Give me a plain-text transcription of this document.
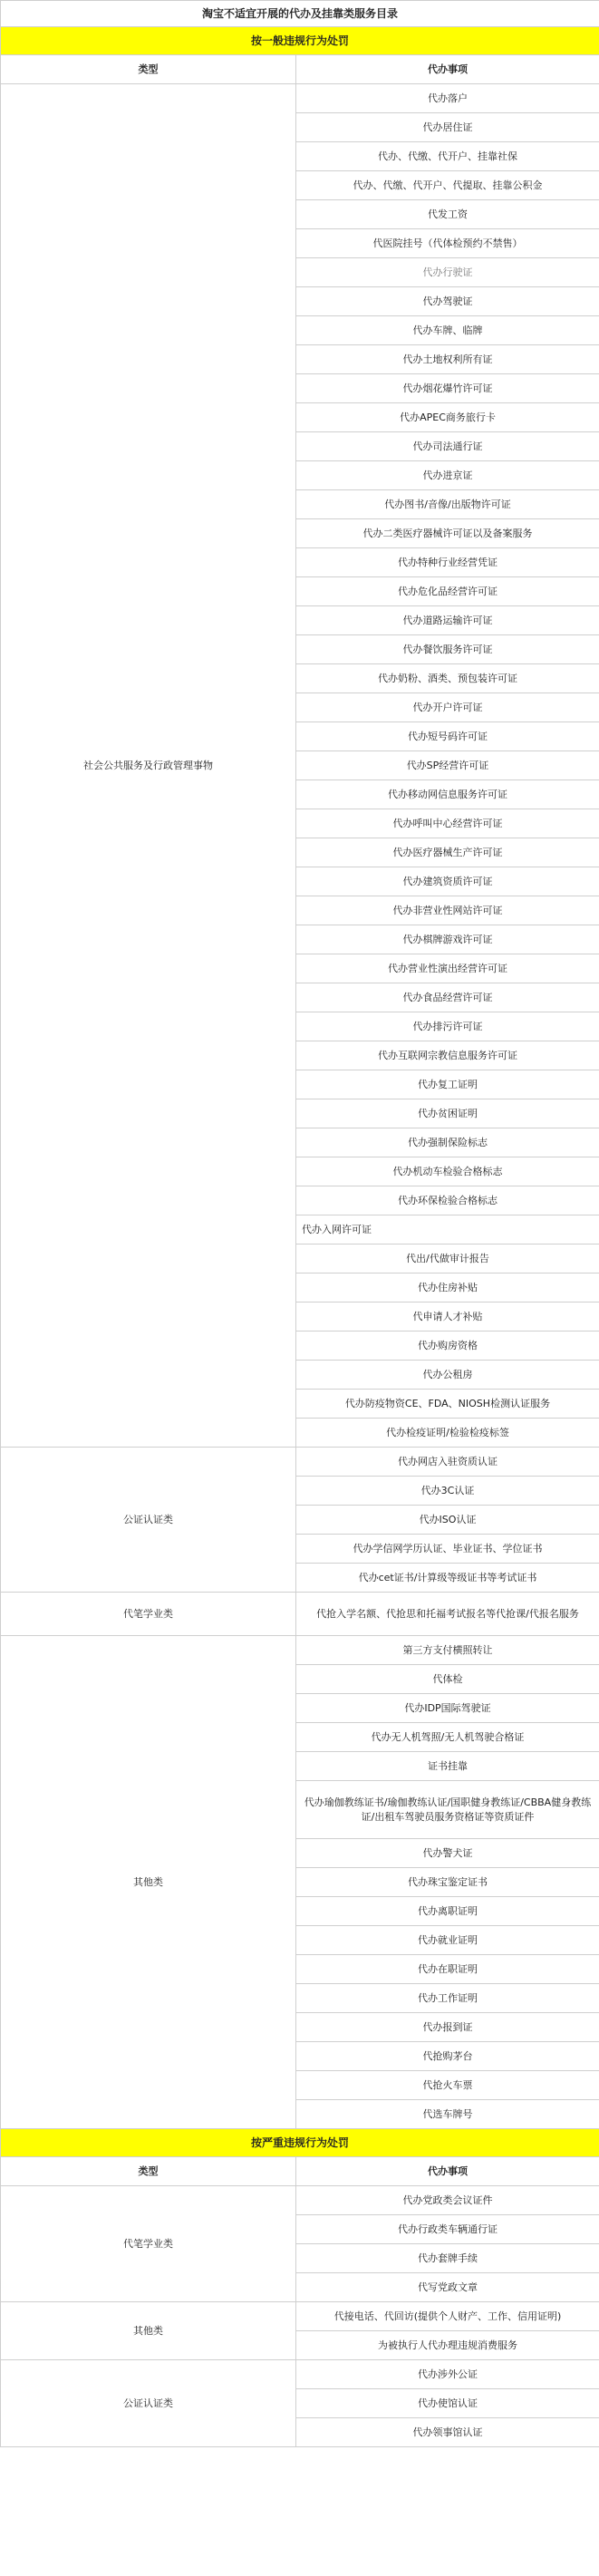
淘宝不适宜开展的代办及挂靠类服务目录	
按一般违规行为处罚	
类型	代办事项
社会公共服务及行政管理事物	代办落户
	代办居住证
	代办、代缴、代开户、挂靠社保
	代办、代缴、代开户、代提取、挂靠公积金
	代发工资
	代医院挂号（代体检预约不禁售）
	代办行驶证
	代办驾驶证
	代办车牌、临牌
	代办土地权利所有证
	代办烟花爆竹许可证
	代办APEC商务旅行卡
	代办司法通行证
	代办进京证
	代办图书/音像/出版物许可证
	代办二类医疗器械许可证以及备案服务
	代办特种行业经营凭证
	代办危化品经营许可证
	代办道路运输许可证
	代办餐饮服务许可证
	代办奶粉、酒类、预包装许可证
	代办开户许可证
	代办短号码许可证
	代办SP经营许可证
	代办移动网信息服务许可证
	代办呼叫中心经营许可证
	代办医疗器械生产许可证
	代办建筑资质许可证
	代办非营业性网站许可证
	代办棋牌游戏许可证
	代办营业性演出经营许可证
	代办食品经营许可证
	代办排污许可证
	代办互联网宗教信息服务许可证
	代办复工证明
	代办贫困证明
	代办强制保险标志
	代办机动车检验合格标志
	代办环保检验合格标志
	代办入网许可证
	代出/代做审计报告
	代办住房补贴
	代申请人才补贴
	代办购房资格
	代办公租房
	代办防疫物资CE、FDA、NIOSH检测认证服务
	代办检疫证明/检验检疫标签
公证认证类	代办网店入驻资质认证
	代办3C认证
	代办ISO认证
	代办学信网学历认证、毕业证书、学位证书
	代办cet证书/计算级等级证书等考试证书
代笔学业类	代抢入学名额、代抢思和托福考试报名等代抢课/代报名服务
其他类	第三方支付横照转让
	代体检
	代办IDP国际驾驶证
	代办无人机驾照/无人机驾驶合格证
	证书挂靠
	代办瑜伽教练证书/瑜伽教练认证/国职健身教练证/CBBA健身教练证/出租车驾驶员服务资格证等资质证件
	代办警犬证
	代办珠宝鉴定证书
	代办离职证明
	代办就业证明
	代办在职证明
	代办工作证明
	代办报到证
	代抢购茅台
	代抢火车票
	代选车牌号
按严重违规行为处罚	
类型	代办事项
代笔学业类	代办党政类会议证件
	代办行政类车辆通行证
	代办套牌手续
	代写党政文章
其他类	代接电话、代回访(提供个人财产、工作、信用证明)
	为被执行人代办理违规消费服务
公证认证类	代办涉外公证
	代办使馆认证
	代办领事馆认证
